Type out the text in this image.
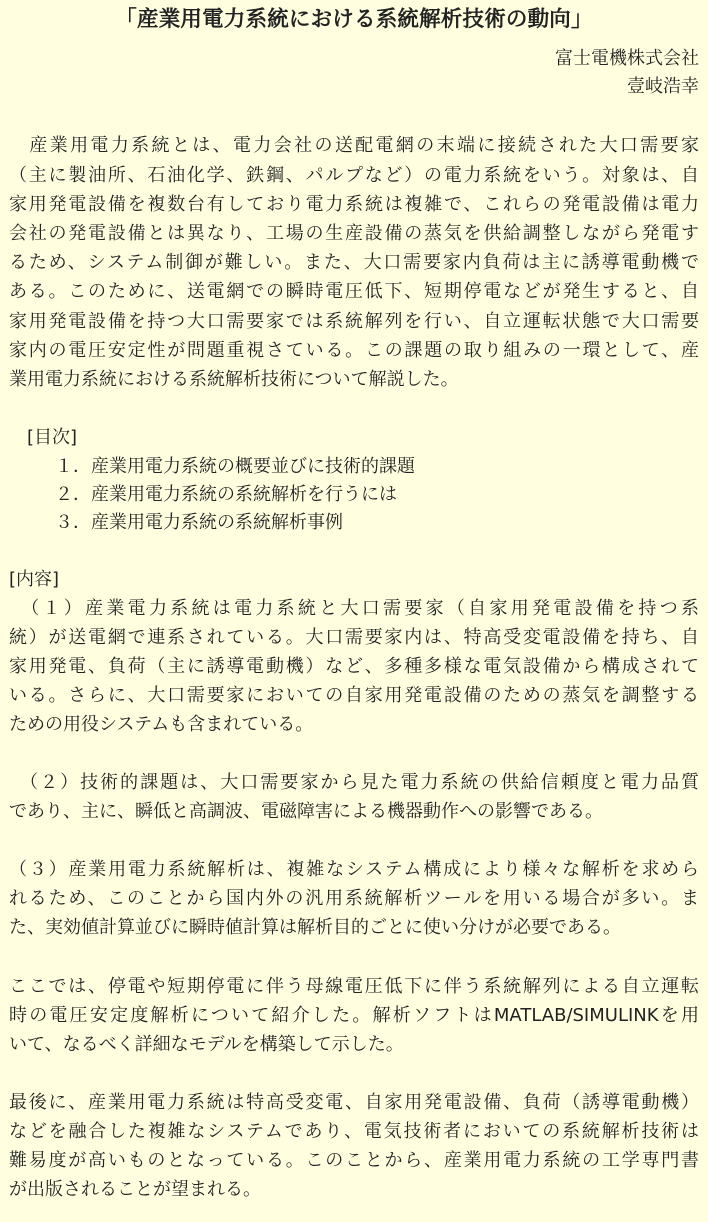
「産業用電力系統における系統解析技術の動向」
富士電機株式会社
壹岐浩幸
　産業用電力系統とは、電力会社の送配電網の末端に接続された大口需要家
（主に製油所、石油化学、鉄鋼、パルプなど）の電力系統をいう。対象は、自
家用発電設備を複数台有しており電力系統は複雑で、これらの発電設備は電力
会社の発電設備とは異なり、工場の生産設備の蒸気を供給調整しながら発電す
るため、システム制御が難しい。また、大口需要家内負荷は主に誘導電動機で
ある。このために、送電網での瞬時電圧低下、短期停電などが発生すると、自
家用発電設備を持つ大口需要家では系統解列を行い、自立運転状態で大口需要
家内の電圧安定性が問題重視さている。この課題の取り組みの一環として、産
業用電力系統における系統解析技術について解説した。
[目次]
１．産業用電力系統の概要並びに技術的課題
２．産業用電力系統の系統解析を行うには
３．産業用電力系統の系統解析事例
[内容]
　（１）産業電力系統は電力系統と大口需要家（自家用発電設備を持つ系
統）が送電網で連系されている。大口需要家内は、特高受変電設備を持ち、自
家用発電、負荷（主に誘導電動機）など、多種多様な電気設備から構成されて
いる。さらに、大口需要家においての自家用発電設備のための蒸気を調整する
ための用役システムも含まれている。
　（２）技術的課題は、大口需要家から見た電力系統の供給信頼度と電力品質
であり、主に、瞬低と高調波、電磁障害による機器動作への影響である。
（３）産業用電力系統解析は、複雑なシステム構成により様々な解析を求めら
れるため、このことから国内外の汎用系統解析ツールを用いる場合が多い。ま
た、実効値計算並びに瞬時値計算は解析目的ごとに使い分けが必要である。
ここでは、停電や短期停電に伴う母線電圧低下に伴う系統解列による自立運転
時の電圧安定度解析について紹介した。解析ソフトはMATLAB/SIMULINKを用
いて、なるべく詳細なモデルを構築して示した。
最後に、産業用電力系統は特高受変電、自家用発電設備、負荷（誘導電動機）
などを融合した複雑なシステムであり、電気技術者においての系統解析技術は
難易度が高いものとなっている。このことから、産業用電力系統の工学専門書
が出版されることが望まれる。
